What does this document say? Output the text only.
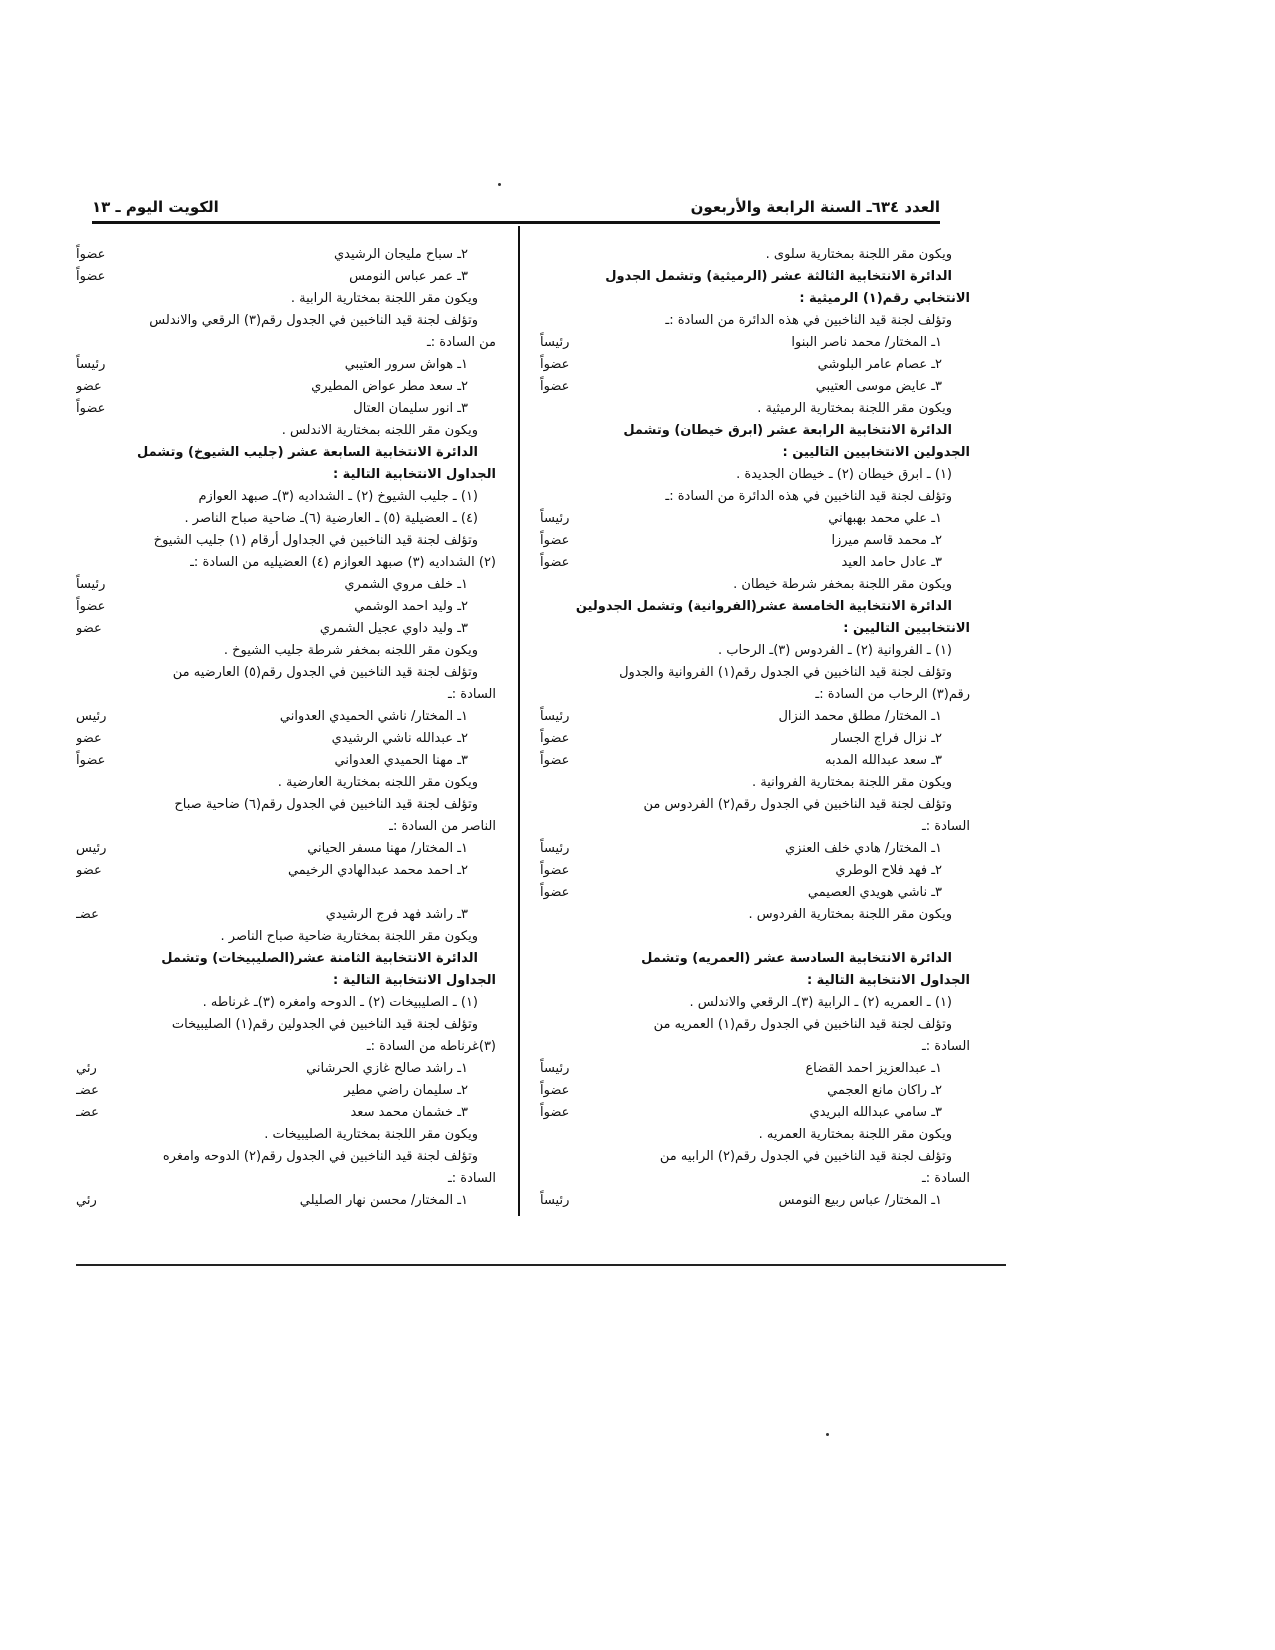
العدد ٦٣٤ـ السنة الرابعة والأربعون
الكويت اليوم ـ ١٣
ويكون مقر اللجنة بمختارية سلوى .
الدائرة الانتخابية الثالثة عشر (الرميثية) وتشمل الجدول
الانتخابي رقم(١) الرميثية :
وتؤلف لجنة قيد الناخبين في هذه الدائرة من السادة :ـ
١ـ المختار/ محمد ناصر البنوا
رئيساً
٢ـ عصام عامر البلوشي
عضواً
٣ـ عايض موسى العتيبي
عضواً
ويكون مقر اللجنة بمختارية الرميثية .
الدائرة الانتخابية الرابعة عشر (ابرق خيطان) وتشمل
الجدولين الانتخابيين التاليين :
(١) ـ ابرق خيطان (٢) ـ خيطان الجديدة .
وتؤلف لجنة قيد الناخبين في هذه الدائرة من السادة :ـ
١ـ علي محمد بهبهاني
رئيساً
٢ـ محمد قاسم ميرزا
عضواً
٣ـ عادل حامد العيد
عضواً
ويكون مقر اللجنة بمخفر شرطة خيطان .
الدائرة الانتخابية الخامسة عشر(الفروانية) وتشمل الجدولين
الانتخابيين التاليين :
(١) ـ الفروانية (٢) ـ الفردوس (٣)ـ الرحاب .
وتؤلف لجنة قيد الناخبين في الجدول رقم(١) الفروانية والجدول
رقم(٣) الرحاب من السادة :ـ
١ـ المختار/ مطلق محمد النزال
رئيساً
٢ـ نزال فراج الجسار
عضواً
٣ـ سعد عبدالله المدبه
عضواً
ويكون مقر اللجنة بمختارية الفروانية .
وتؤلف لجنة قيد الناخبين في الجدول رقم(٢) الفردوس من
السادة :ـ
١ـ المختار/ هادي خلف العنزي
رئيساً
٢ـ فهد فلاح الوطري
عضواً
٣ـ ناشي هويدي العصيمي
عضواً
ويكون مقر اللجنة بمختارية الفردوس .
الدائرة الانتخابية السادسة عشر (العمريه) وتشمل
الجداول الانتخابية التالية :
(١) ـ العمريه (٢) ـ الرابية (٣)ـ الرقعي والاندلس .
وتؤلف لجنة قيد الناخبين في الجدول رقم(١) العمريه من
السادة :ـ
١ـ عبدالعزيز احمد القضاع
رئيساً
٢ـ راكان مانع العجمي
عضواً
٣ـ سامي عبدالله البريدي
عضواً
ويكون مقر اللجنة بمختارية العمريه .
وتؤلف لجنة قيد الناخبين في الجدول رقم(٢) الرابيه من
السادة :ـ
١ـ المختار/ عباس ربيع النومس
رئيساً
٢ـ سباح مليجان الرشيدي
عضواً
٣ـ عمر عباس النومس
عضواً
ويكون مقر اللجنة بمختارية الرابية .
وتؤلف لجنة قيد الناخبين في الجدول رقم(٣) الرقعي والاندلس
من السادة :ـ
١ـ هواش سرور العتيبي
رئيساً
٢ـ سعد مطر عواض المطيري
عضو
٣ـ انور سليمان العتال
عضواً
ويكون مقر اللجنه بمختارية الاندلس .
الدائرة الانتخابية السابعة عشر (جليب الشيوخ) وتشمل
الجداول الانتخابية التالية :
(١) ـ جليب الشيوخ (٢) ـ الشداديه (٣)ـ صبهد العوازم
(٤) ـ العضيلية (٥) ـ العارضية (٦)ـ ضاحية صباح الناصر .
وتؤلف لجنة قيد الناخبين في الجداول أرقام (١) جليب الشيوخ
(٢) الشداديه (٣) صبهد العوازم (٤) العضيليه من السادة :ـ
١ـ خلف مروي الشمري
رئيساً
٢ـ وليد احمد الوشمي
عضواً
٣ـ وليد داوي عجيل الشمري
عضو
ويكون مقر اللجنه بمخفر شرطة جليب الشيوخ .
وتؤلف لجنة قيد الناخبين في الجدول رقم(٥) العارضيه من
السادة :ـ
١ـ المختار/ ناشي الحميدي العدواني
رئيس
٢ـ عبدالله ناشي الرشيدي
عضو
٣ـ مهنا الحميدي العدواني
عضواً
ويكون مقر اللجنه بمختارية العارضية .
وتؤلف لجنة قيد الناخبين في الجدول رقم(٦) ضاحية صباح
الناصر من السادة :ـ
١ـ المختار/ مهنا مسفر الحياني
رئيس
٢ـ احمد محمد عبدالهادي الرخيمي
عضو
٣ـ راشد فهد فرج الرشيدي
عضـ
ويكون مقر اللجنة بمختارية ضاحية صباح الناصر .
الدائرة الانتخابية الثامنة عشر(الصليبيخات) وتشمل
الجداول الانتخابية التالية :
(١) ـ الصليبيخات (٢) ـ الدوحه وامغره (٣)ـ غرناطه .
وتؤلف لجنة قيد الناخبين في الجدولين رقم(١) الصليبيخات
(٣)غرناطه من السادة :ـ
١ـ راشد صالح غازي الحرشاني
رئي
٢ـ سليمان راضي مطير
عضـ
٣ـ خشمان محمد سعد
عضـ
ويكون مقر اللجنة بمختارية الصليبيخات .
وتؤلف لجنة قيد الناخبين في الجدول رقم(٢) الدوحه وامغره
السادة :ـ
١ـ المختار/ محسن نهار الصليلي
رئي
